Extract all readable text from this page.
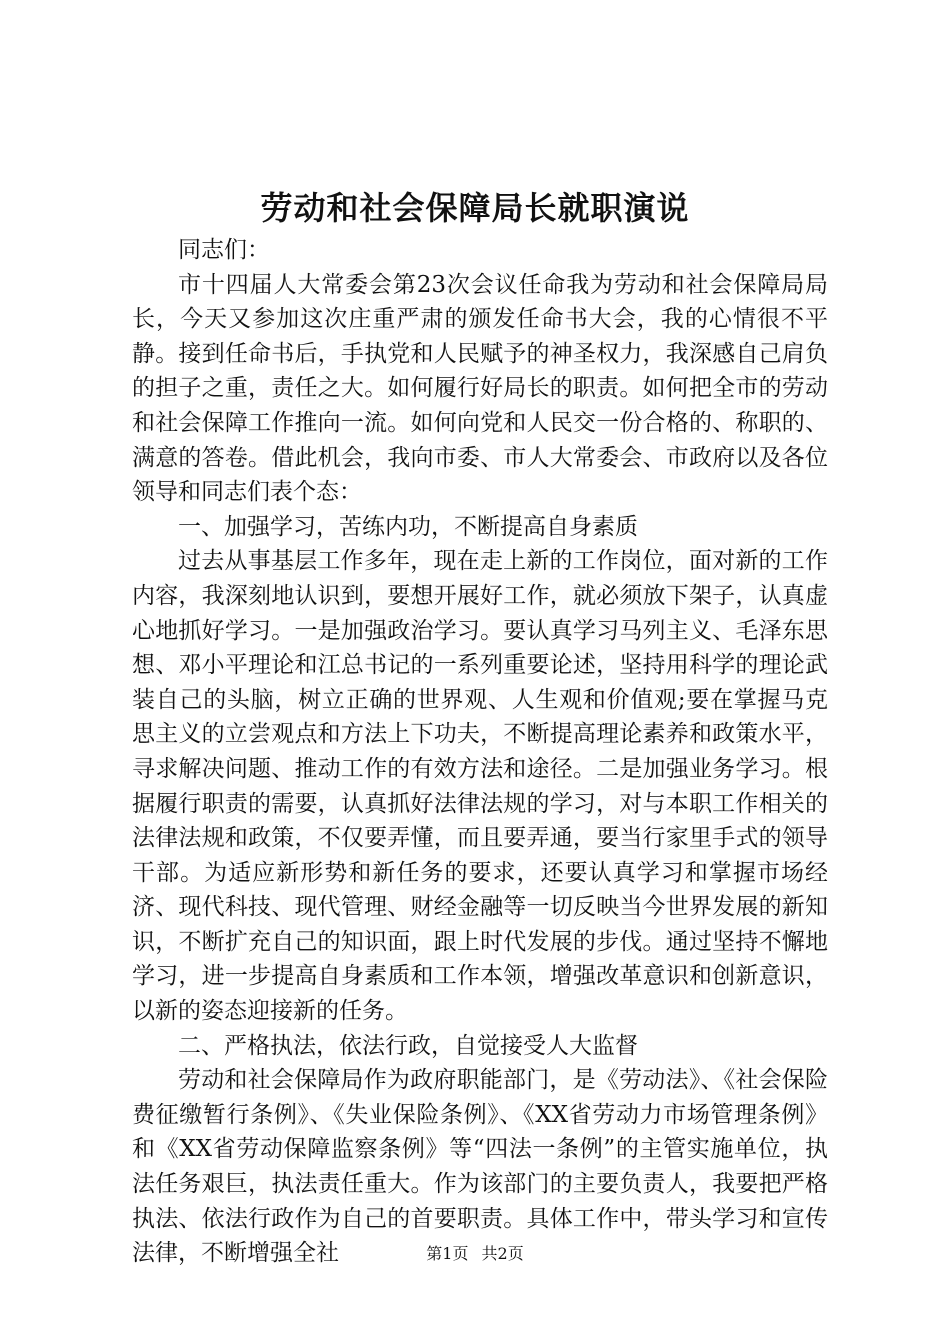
劳动和社会保障局长就职演说

同志们：

市十四届人大常委会第23次会议任命我为劳动和社会保障局局长，今天又参加这次庄重严肃的颁发任命书大会，我的心情很不平静。接到任命书后，手执党和人民赋予的神圣权力，我深感自己肩负的担子之重，责任之大。如何履行好局长的职责。如何把全市的劳动和社会保障工作推向一流。如何向党和人民交一份合格的、称职的、满意的答卷。借此机会，我向市委、市人大常委会、市政府以及各位领导和同志们表个态：

一、加强学习，苦练内功，不断提高自身素质

过去从事基层工作多年，现在走上新的工作岗位，面对新的工作内容，我深刻地认识到，要想开展好工作，就必须放下架子，认真虚心地抓好学习。一是加强政治学习。要认真学习马列主义、毛泽东思想、邓小平理论和江总书记的一系列重要论述，坚持用科学的理论武装自己的头脑，树立正确的世界观、人生观和价值观;要在掌握马克思主义的立尝观点和方法上下功夫，不断提高理论素养和政策水平，寻求解决问题、推动工作的有效方法和途径。二是加强业务学习。根据履行职责的需要，认真抓好法律法规的学习，对与本职工作相关的法律法规和政策，不仅要弄懂，而且要弄通，要当行家里手式的领导干部。为适应新形势和新任务的要求，还要认真学习和掌握市场经济、现代科技、现代管理、财经金融等一切反映当今世界发展的新知识，不断扩充自己的知识面，跟上时代发展的步伐。通过坚持不懈地学习，进一步提高自身素质和工作本领，增强改革意识和创新意识，以新的姿态迎接新的任务。

二、严格执法，依法行政，自觉接受人大监督

劳动和社会保障局作为政府职能部门，是《劳动法》、《社会保险费征缴暂行条例》、《失业保险条例》、《XX省劳动力市场管理条例》和《XX省劳动保障监察条例》等“四法一条例”的主管实施单位，执法任务艰巨，执法责任重大。作为该部门的主要负责人，我要把严格执法、依法行政作为自己的首要职责。具体工作中，带头学习和宣传法律，不断增强全社	第1页 共2页
